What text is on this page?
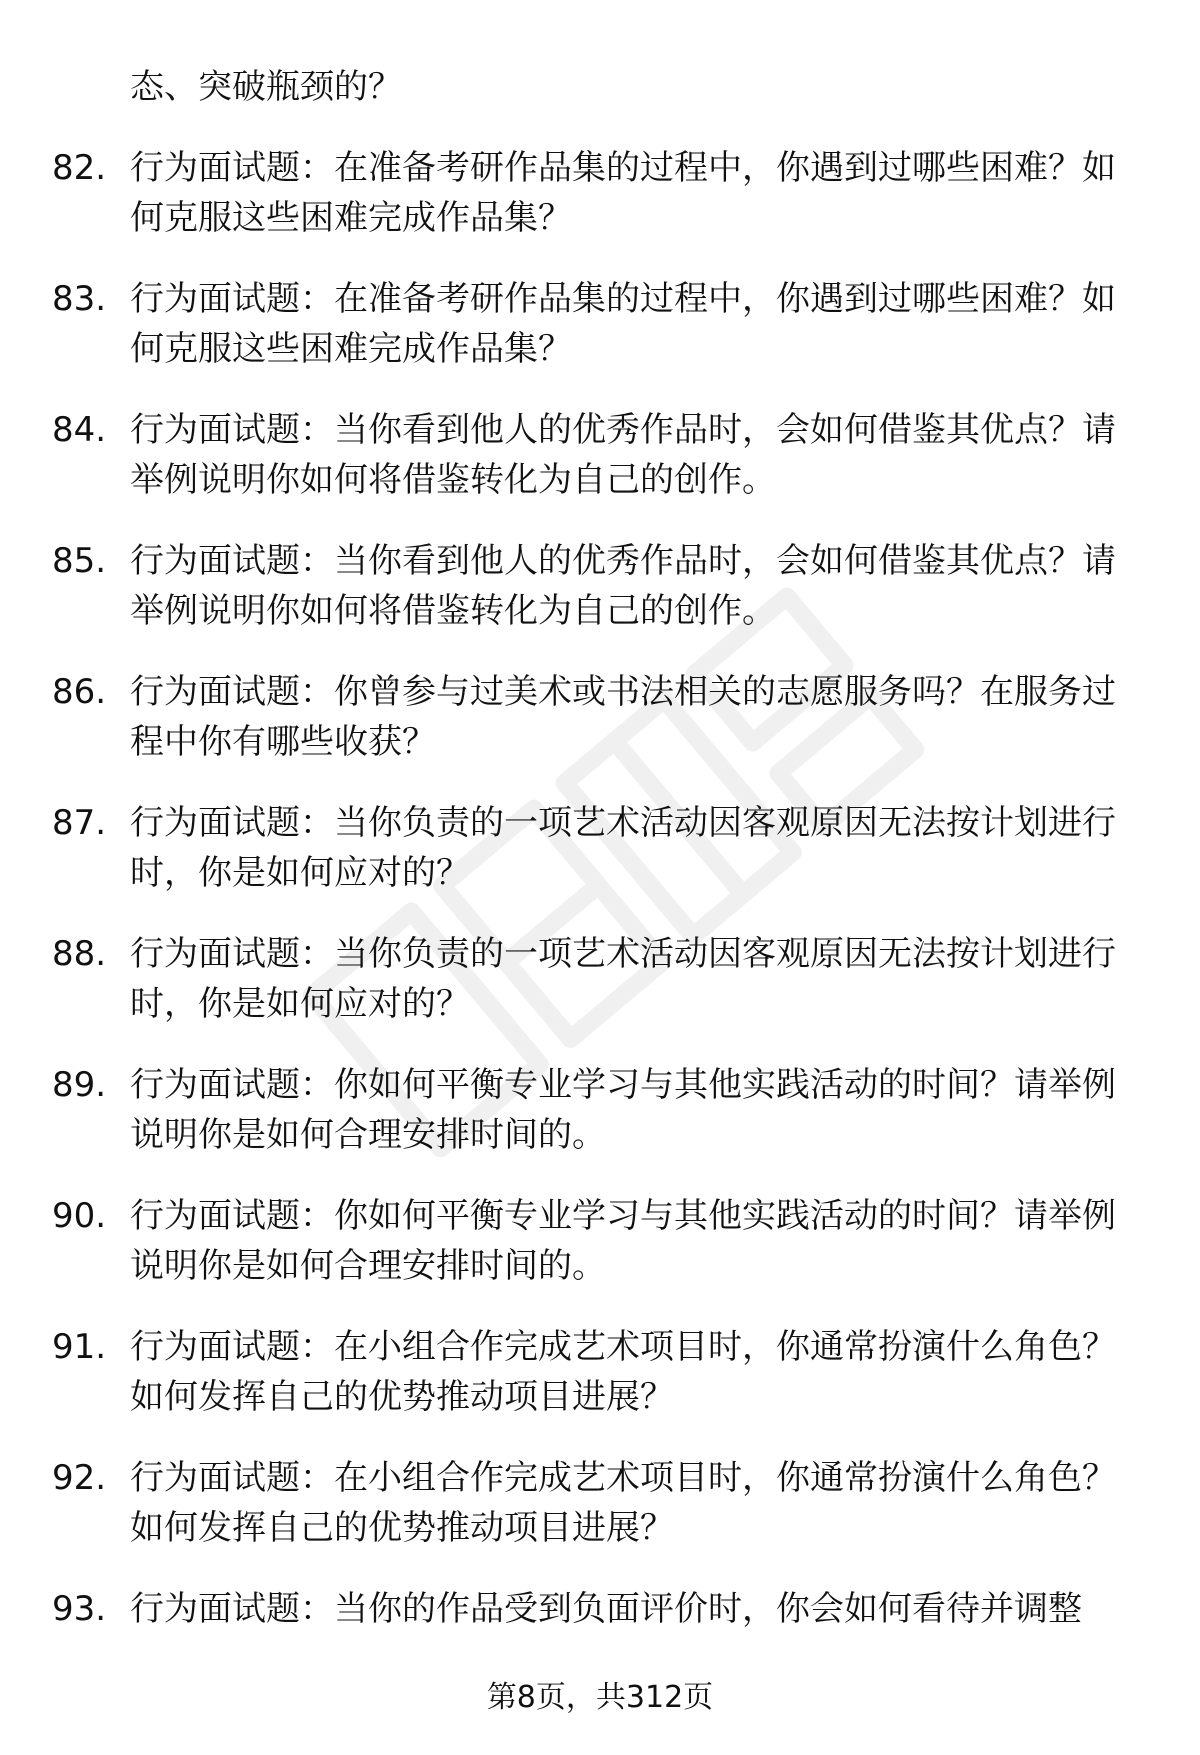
态、突破瓶颈的？
82. 行为面试题：在准备考研作品集的过程中，你遇到过哪些困难？如何克服这些困难完成作品集？
83. 行为面试题：在准备考研作品集的过程中，你遇到过哪些困难？如何克服这些困难完成作品集？
84. 行为面试题：当你看到他人的优秀作品时，会如何借鉴其优点？请举例说明你如何将借鉴转化为自己的创作。
85. 行为面试题：当你看到他人的优秀作品时，会如何借鉴其优点？请举例说明你如何将借鉴转化为自己的创作。
86. 行为面试题：你曾参与过美术或书法相关的志愿服务吗？在服务过程中你有哪些收获？
87. 行为面试题：当你负责的一项艺术活动因客观原因无法按计划进行时，你是如何应对的？
88. 行为面试题：当你负责的一项艺术活动因客观原因无法按计划进行时，你是如何应对的？
89. 行为面试题：你如何平衡专业学习与其他实践活动的时间？请举例说明你是如何合理安排时间的。
90. 行为面试题：你如何平衡专业学习与其他实践活动的时间？请举例说明你是如何合理安排时间的。
91. 行为面试题：在小组合作完成艺术项目时，你通常扮演什么角色？如何发挥自己的优势推动项目进展？
92. 行为面试题：在小组合作完成艺术项目时，你通常扮演什么角色？如何发挥自己的优势推动项目进展？
93. 行为面试题：当你的作品受到负面评价时，你会如何看待并调整
第8页，共312页
